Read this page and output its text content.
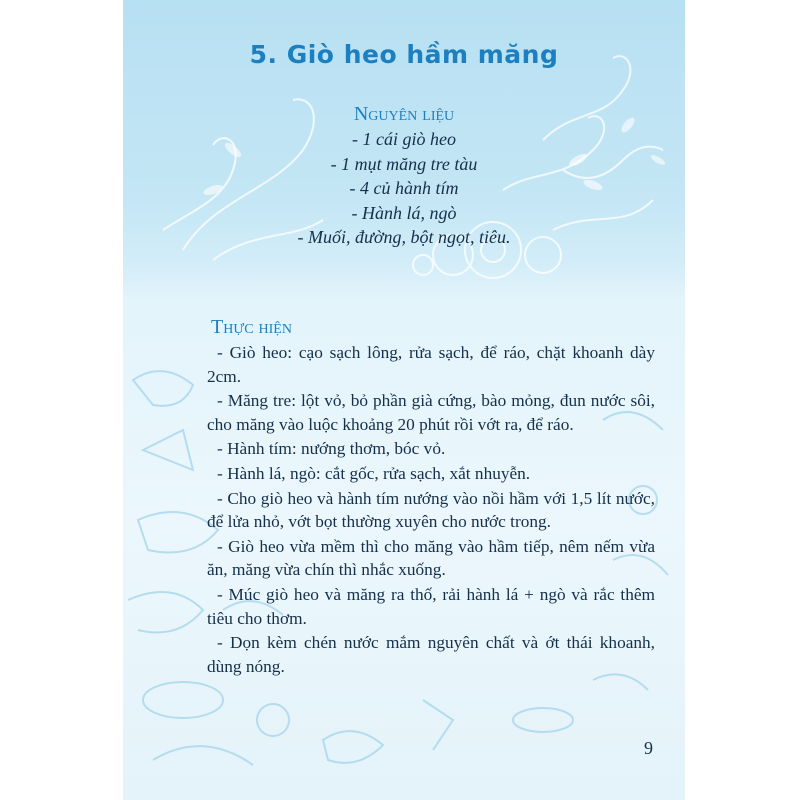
5. Giò heo hầm măng
Nguyên liệu
- 1 cái giò heo
- 1 mụt măng tre tàu
- 4 củ hành tím
- Hành lá, ngò
- Muối, đường, bột ngọt, tiêu.
Thực hiện

- Giò heo: cạo sạch lông, rửa sạch, để ráo, chặt khoanh dày 2cm.

- Măng tre: lột vỏ, bỏ phần già cứng, bào mỏng, đun nước sôi, cho măng vào luộc khoảng 20 phút rồi vớt ra, để ráo.

- Hành tím: nướng thơm, bóc vỏ.

- Hành lá, ngò: cắt gốc, rửa sạch, xắt nhuyễn.

- Cho giò heo và hành tím nướng vào nồi hầm với 1,5 lít nước, để lửa nhỏ, vớt bọt thường xuyên cho nước trong.

- Giò heo vừa mềm thì cho măng vào hầm tiếp, nêm nếm vừa ăn, măng vừa chín thì nhắc xuống.

- Múc giò heo và măng ra thố, rải hành lá + ngò và rắc thêm tiêu cho thơm.

- Dọn kèm chén nước mắm nguyên chất và ớt thái khoanh, dùng nóng.

9
